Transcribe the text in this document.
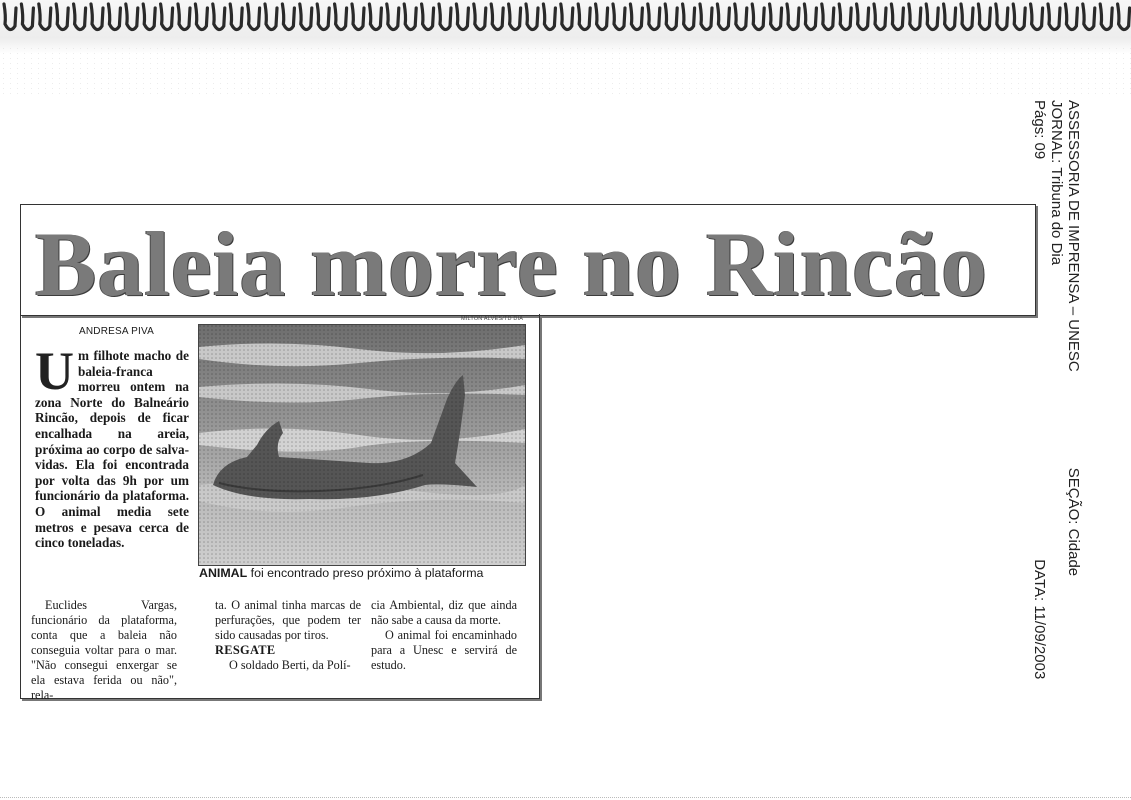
ASSESSORIA DE IMPRENSA – UNESC
SEÇÃO: Cidade
JORNAL: Tribuna do Dia
Págs: 09
DATA: 11/09/2003
Baleia morre no Rincão
ANDRESA PIVA
Um filhote macho de baleia-franca morreu ontem na zona Norte do Balneário Rincão, depois de ficar encalhada na areia, próxima ao corpo de salva-vidas. Ela foi encontrada por volta das 9h por um funcionário da plataforma. O animal media sete metros e pesava cerca de cinco toneladas.
MILTON ALVES/TD DIA
ANIMAL foi encontrado preso próximo à plataforma

Euclides Vargas, funcionário da plataforma, conta que a baleia não conseguia voltar para o mar. "Não consegui enxergar se ela estava ferida ou não", rela-

ta. O animal tinha marcas de perfurações, que podem ter sido causadas por tiros.

RESGATE

O soldado Berti, da Polí-

cia Ambiental, diz que ainda não sabe a causa da morte.

O animal foi encaminhado para a Unesc e servirá de estudo.
